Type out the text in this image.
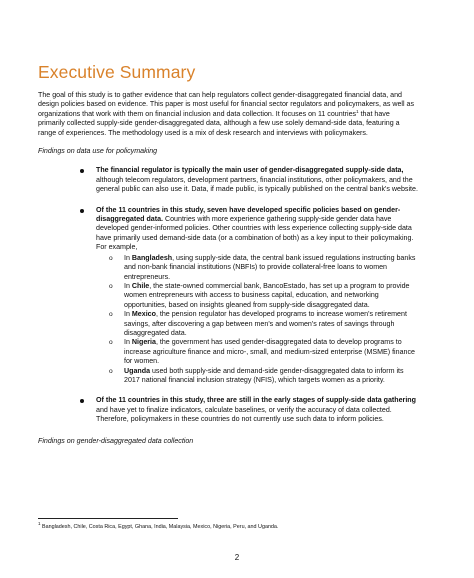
Executive Summary

The goal of this study is to gather evidence that can help regulators collect gender-disaggregated financial data, and design policies based on evidence. This paper is most useful for financial sector regulators and policymakers, as well as organizations that work with them on financial inclusion and data collection. It focuses on 11 countries$^1$ that have primarily collected supply-side gender-disaggregated data, although a few use solely demand-side data, featuring a range of experiences. The methodology used is a mix of desk research and interviews with policymakers.

Findings on data use for policymaking

The financial regulator is typically the main user of gender-disaggregated supply-side data, although telecom regulators, development partners, financial institutions, other policymakers, and the general public can also use it. Data, if made public, is typically published on the central bank's website.
Of the 11 countries in this study, seven have developed specific policies based on gender-disaggregated data. Countries with more experience gathering supply-side gender data have developed gender-informed policies. Other countries with less experience collecting supply-side data have primarily used demand-side data (or a combination of both) as a key input to their policymaking. For example,
o In Bangladesh, using supply-side data, the central bank issued regulations instructing banks and non-bank financial institutions (NBFIs) to provide collateral-free loans to women entrepreneurs.
o In Chile, the state-owned commercial bank, BancoEstado, has set up a program to provide women entrepreneurs with access to business capital, education, and networking opportunities, based on insights gleaned from supply-side disaggregated data.
o In Mexico, the pension regulator has developed programs to increase women's retirement savings, after discovering a gap between men's and women's rates of savings through disaggregated data.
o In Nigeria, the government has used gender-disaggregated data to develop programs to increase agriculture finance and micro-, small, and medium-sized enterprise (MSME) finance for women.
o Uganda used both supply-side and demand-side gender-disaggregated data to inform its 2017 national financial inclusion strategy (NFIS), which targets women as a priority.
Of the 11 countries in this study, three are still in the early stages of supply-side data gathering and have yet to finalize indicators, calculate baselines, or verify the accuracy of data collected. Therefore, policymakers in these countries do not currently use such data to inform policies.

Findings on gender-disaggregated data collection

$^1$ Bangladesh, Chile, Costa Rica, Egypt, Ghana, India, Malaysia, Mexico, Nigeria, Peru, and Uganda.

2
